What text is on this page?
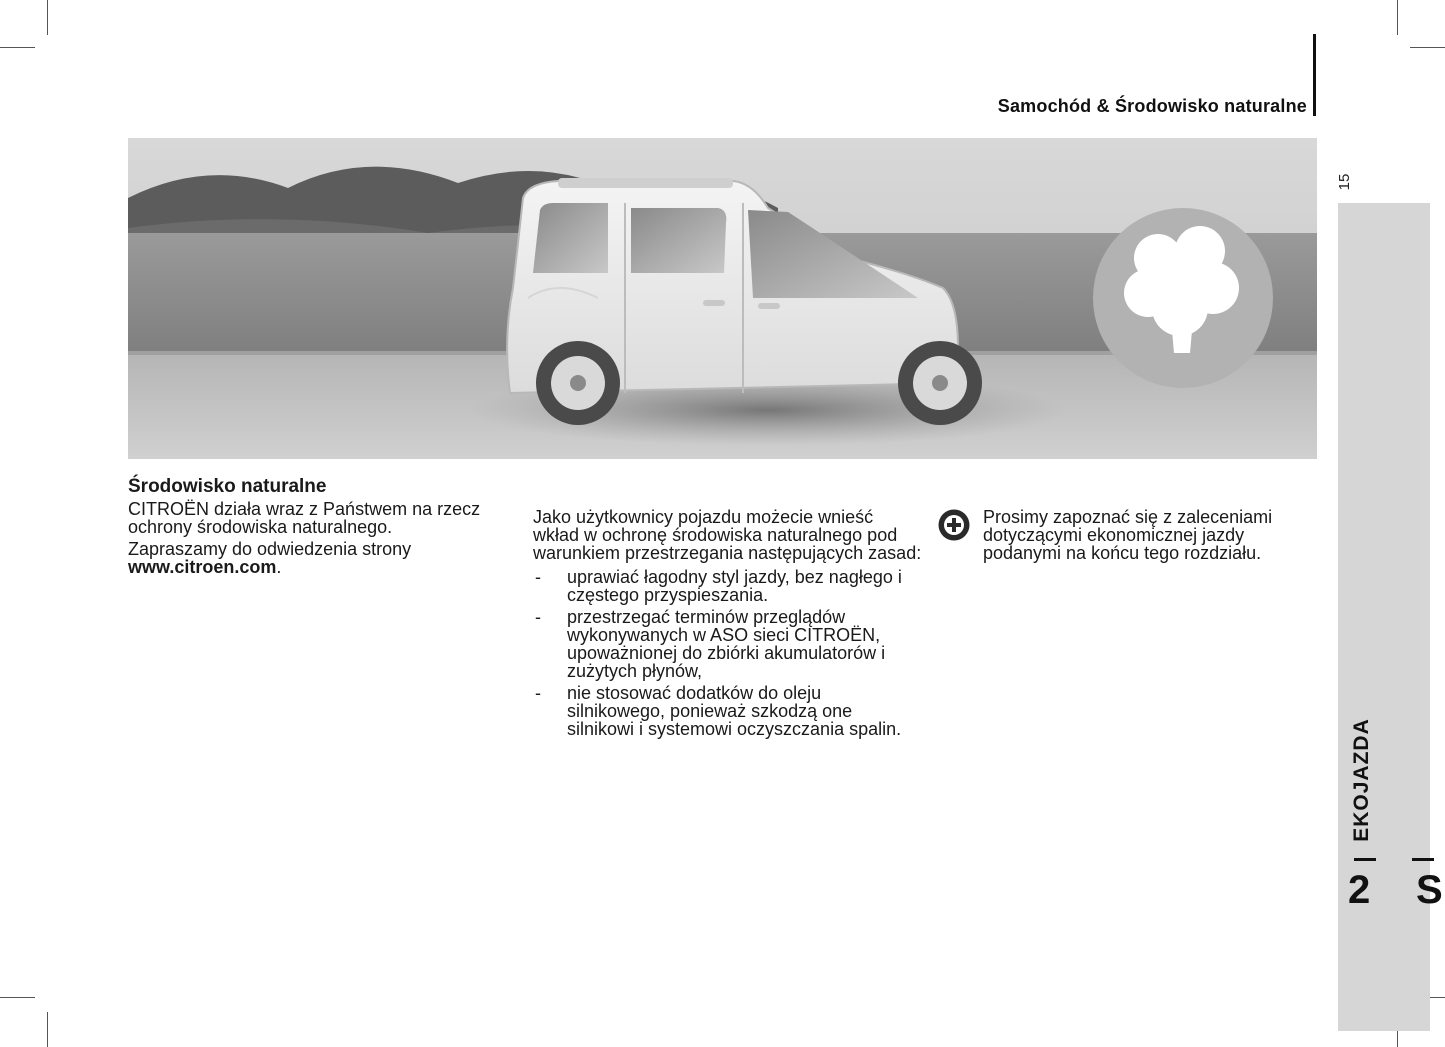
Samochód & Środowisko naturalne
15
EKOJAZDA
2 S

Środowisko naturalne

CITROËN działa wraz z Państwem na rzecz ochrony środowiska naturalnego.

Zapraszamy do odwiedzenia strony www.citroen.com.

Jako użytkownicy pojazdu możecie wnieść wkład w ochronę środowiska naturalnego pod warunkiem przestrzegania następujących zasad:

- uprawiać łagodny styl jazdy, bez nagłego i częstego przyspieszania.
- przestrzegać terminów przeglądów wykonywanych w ASO sieci CITROËN, upoważnionej do zbiórki akumulatorów i zużytych płynów,
- nie stosować dodatków do oleju silnikowego, ponieważ szkodzą one silnikowi i systemowi oczyszczania spalin.

Prosimy zapoznać się z zaleceniami dotyczącymi ekonomicznej jazdy podanymi na końcu tego rozdziału.
